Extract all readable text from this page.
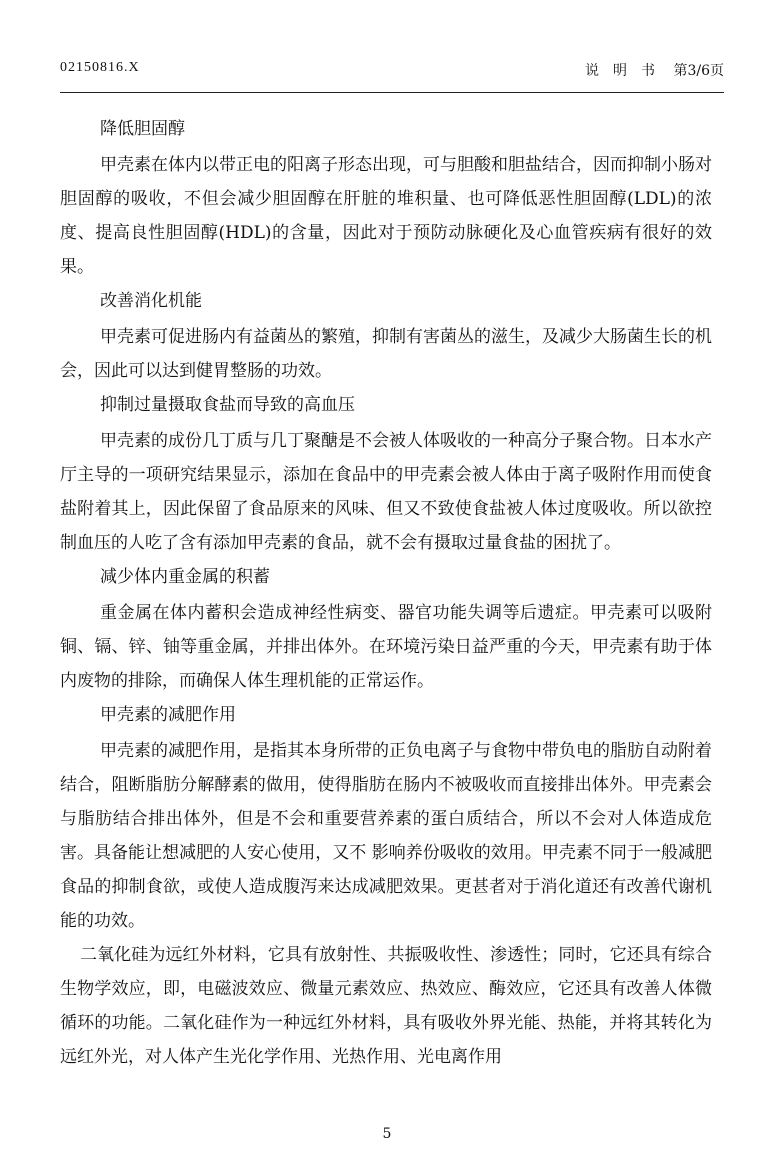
02150816.X	说明书 第3/6页
降低胆固醇

甲壳素在体内以带正电的阳离子形态出现，可与胆酸和胆盐结合，因而抑制小肠对胆固醇的吸收，不但会减少胆固醇在肝脏的堆积量、也可降低恶性胆固醇(LDL)的浓度、提高良性胆固醇(HDL)的含量，因此对于预防动脉硬化及心血管疾病有很好的效果。

改善消化机能

甲壳素可促进肠内有益菌丛的繁殖，抑制有害菌丛的滋生，及减少大肠菌生长的机会，因此可以达到健胃整肠的功效。

抑制过量摄取食盐而导致的高血压

甲壳素的成份几丁质与几丁聚醣是不会被人体吸收的一种高分子聚合物。日本水产厅主导的一项研究结果显示，添加在食品中的甲壳素会被人体由于离子吸附作用而使食盐附着其上，因此保留了食品原来的风味、但又不致使食盐被人体过度吸收。所以欲控制血压的人吃了含有添加甲壳素的食品，就不会有摄取过量食盐的困扰了。

减少体内重金属的积蓄

重金属在体内蓄积会造成神经性病变、器官功能失调等后遗症。甲壳素可以吸附铜、镉、锌、铀等重金属，并排出体外。在环境污染日益严重的今天，甲壳素有助于体内废物的排除，而确保人体生理机能的正常运作。

甲壳素的减肥作用

甲壳素的减肥作用，是指其本身所带的正负电离子与食物中带负电的脂肪自动附着结合，阻断脂肪分解酵素的做用，使得脂肪在肠内不被吸收而直接排出体外。甲壳素会与脂肪结合排出体外，但是不会和重要营养素的蛋白质结合，所以不会对人体造成危害。具备能让想减肥的人安心使用，又不 影响养份吸收的效用。甲壳素不同于一般减肥食品的抑制食欲，或使人造成腹泻来达成减肥效果。更甚者对于消化道还有改善代谢机能的功效。

二氧化硅为远红外材料，它具有放射性、共振吸收性、渗透性；同时，它还具有综合生物学效应，即，电磁波效应、微量元素效应、热效应、酶效应，它还具有改善人体微循环的功能。二氧化硅作为一种远红外材料，具有吸收外界光能、热能，并将其转化为远红外光，对人体产生光化学作用、光热作用、光电离作用

5
